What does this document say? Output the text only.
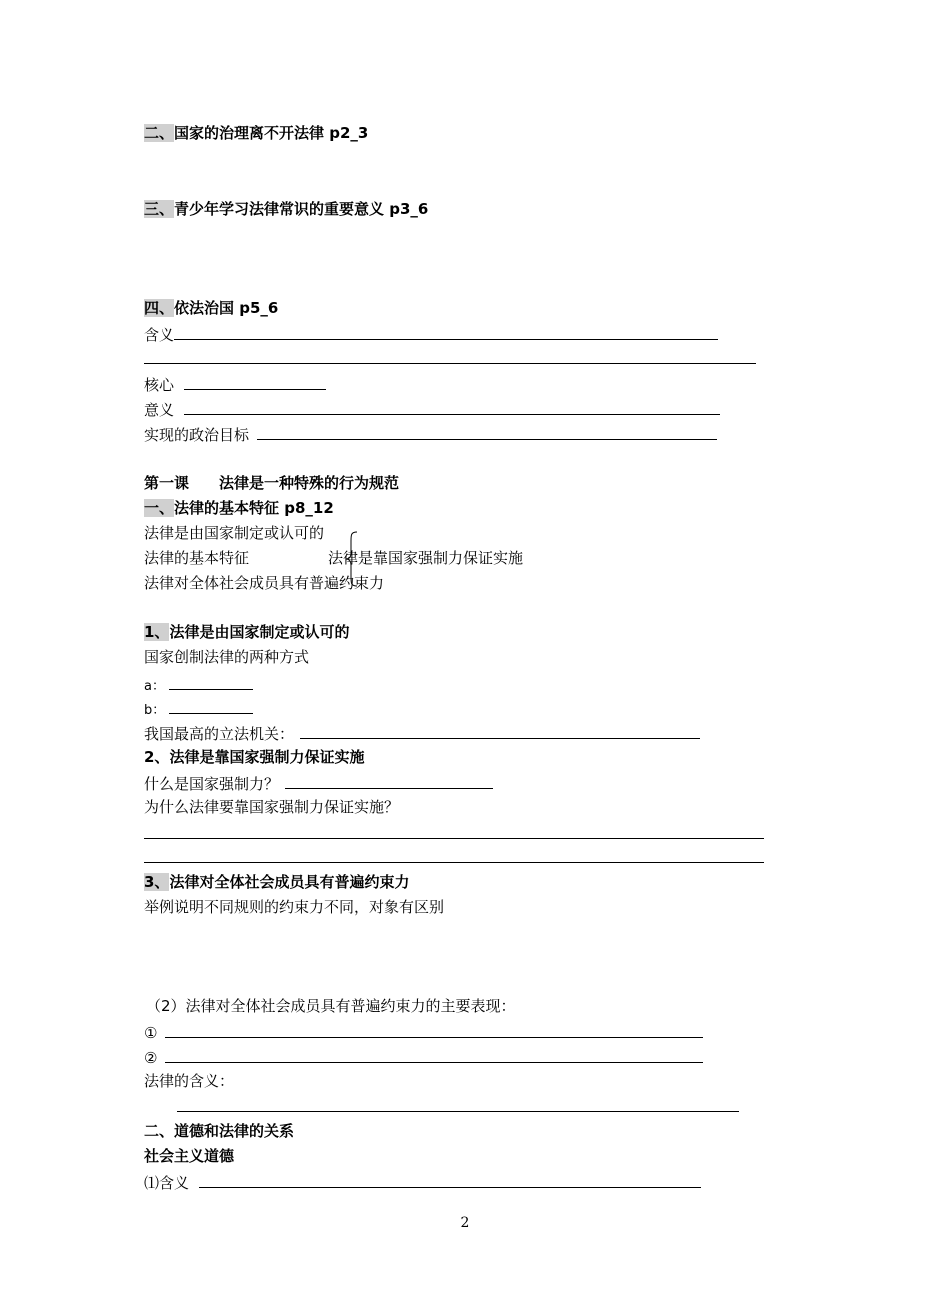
二、国家的治理离不开法律 p2_3
三、青少年学习法律常识的重要意义 p3_6
四、依法治国 p5_6
含义
核心
意义
实现的政治目标
第一课　　法律是一种特殊的行为规范
一、法律的基本特征 p8_12
法律是由国家制定或认可的
法律的基本特征	法律是靠国家强制力保证实施
法律对全体社会成员具有普遍约束力
1、法律是由国家制定或认可的
国家创制法律的两种方式
a：
b：
我国最高的立法机关：
2、法律是靠国家强制力保证实施
什么是国家强制力？
为什么法律要靠国家强制力保证实施？
3、法律对全体社会成员具有普遍约束力
举例说明不同规则的约束力不同，对象有区别
（2）法律对全体社会成员具有普遍约束力的主要表现：
①
②
法律的含义：
二、道德和法律的关系
社会主义道德
⑴含义
2
